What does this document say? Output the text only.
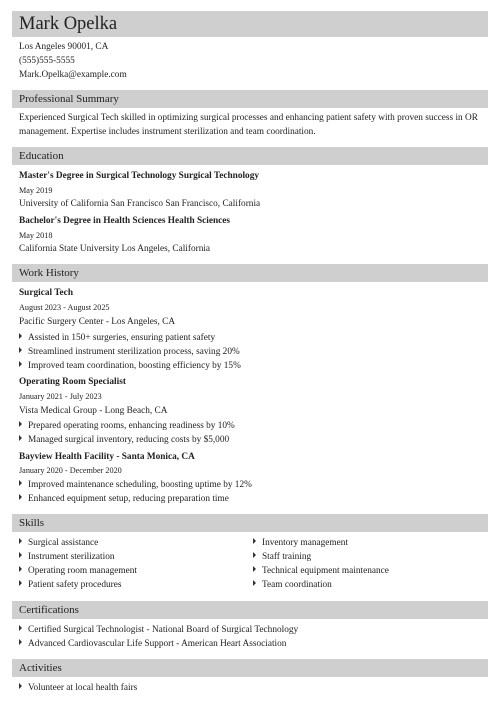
Mark Opelka
Los Angeles 90001, CA
(555)555-5555
Mark.Opelka@example.com
Professional Summary
Experienced Surgical Tech skilled in optimizing surgical processes and enhancing patient safety with proven success in OR management. Expertise includes instrument sterilization and team coordination.
Education
Master's Degree in Surgical Technology Surgical Technology
May 2019
University of California San Francisco San Francisco, California
Bachelor's Degree in Health Sciences Health Sciences
May 2018
California State University Los Angeles, California
Work History
Surgical Tech
August 2023 - August 2025
Pacific Surgery Center - Los Angeles, CA
Assisted in 150+ surgeries, ensuring patient safety
Streamlined instrument sterilization process, saving 20%
Improved team coordination, boosting efficiency by 15%
Operating Room Specialist
January 2021 - July 2023
Vista Medical Group - Long Beach, CA
Prepared operating rooms, enhancing readiness by 10%
Managed surgical inventory, reducing costs by $5,000
Bayview Health Facility - Santa Monica, CA
January 2020 - December 2020
Improved maintenance scheduling, boosting uptime by 12%
Enhanced equipment setup, reducing preparation time
Skills
Surgical assistance
Instrument sterilization
Operating room management
Patient safety procedures
Inventory management
Staff training
Technical equipment maintenance
Team coordination
Certifications
Certified Surgical Technologist - National Board of Surgical Technology
Advanced Cardiovascular Life Support - American Heart Association
Activities
Volunteer at local health fairs
